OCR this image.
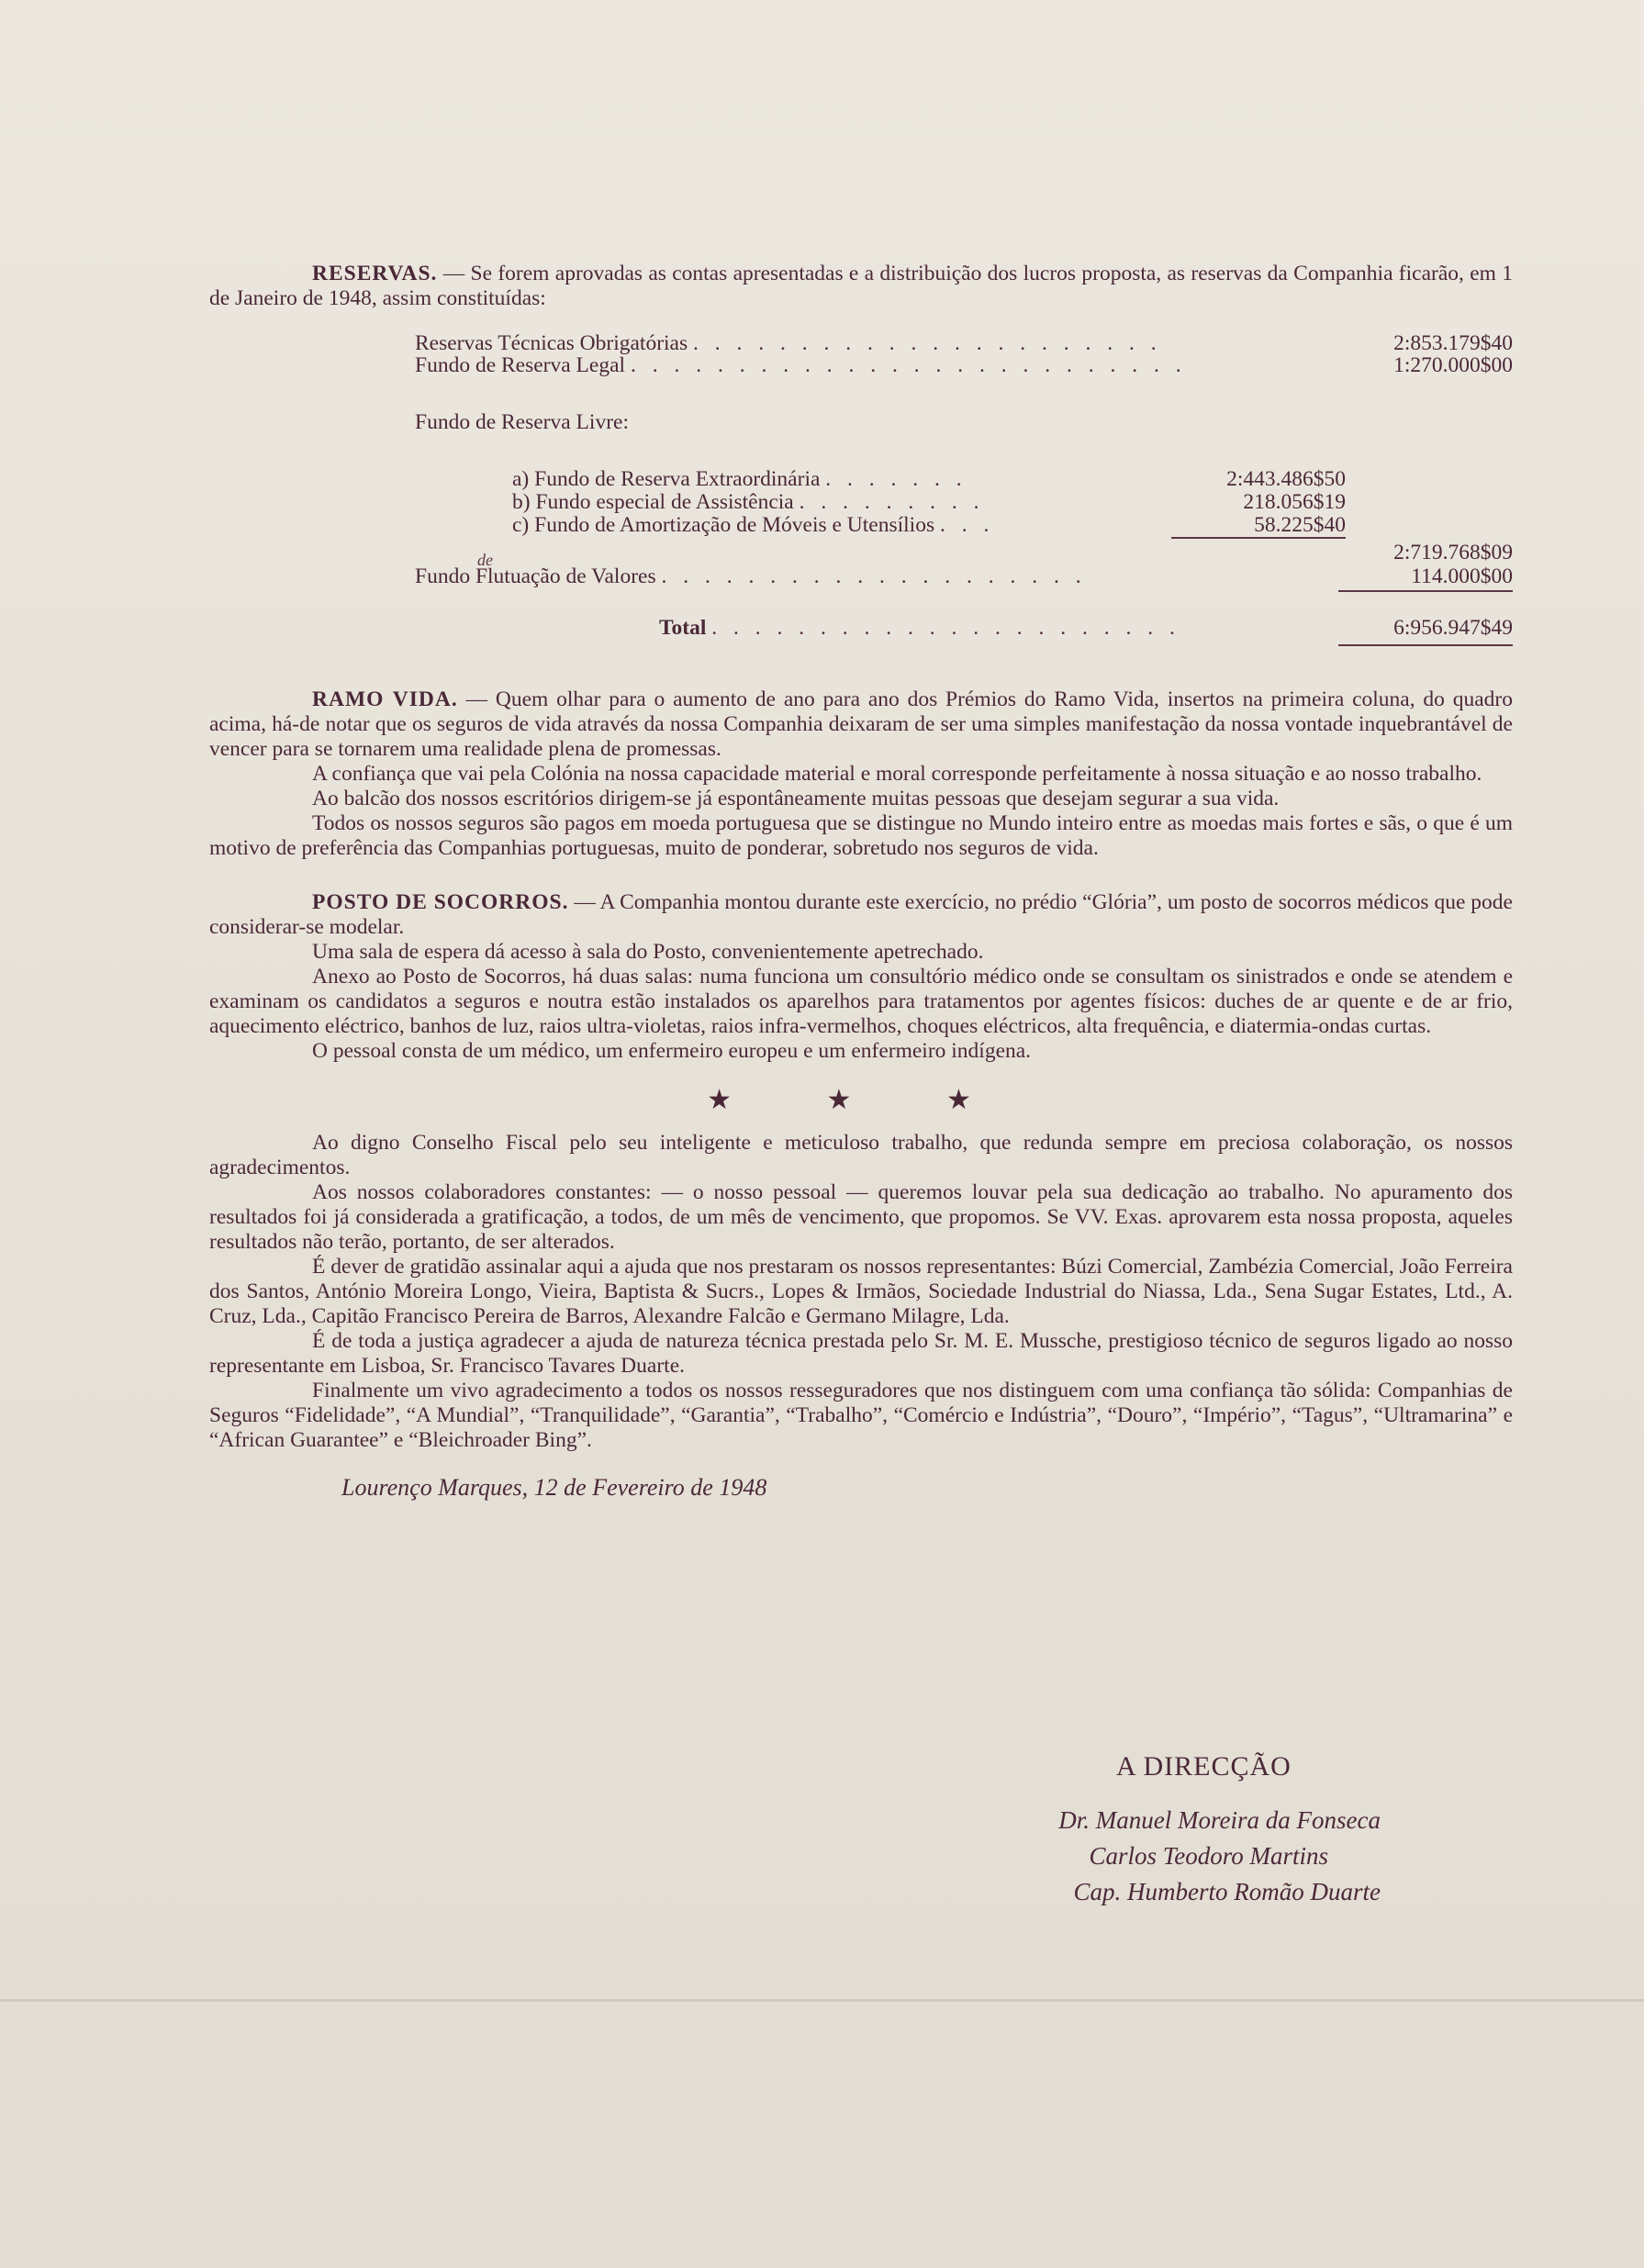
RESERVAS. — Se forem aprovadas as contas apresentadas e a distribuição dos lucros proposta, as reservas da Companhia ficarão, em 1 de Janeiro de 1948, assim constituídas:

Reservas Técnicas Obrigatórias . . . . . . . . . . . . . . . . . . . . . .	2:853.179$40
Fundo de Reserva Legal . . . . . . . . . . . . . . . . . . . . . . . . . .	1:270.000$00
Fundo de Reserva Livre:
a) Fundo de Reserva Extraordinária . . . . . . .	2:443.486$50
b) Fundo especial de Assistência . . . . . . . . .	218.056$19
c) Fundo de Amortização de Móveis e Utensílios . . .	58.225$40
2:719.768$09
de
Fundo Flutuação de Valores . . . . . . . . . . . . . . . . . . . .	114.000$00
Total . . . . . . . . . . . . . . . . . . . . . .	6:956.947$49

RAMO VIDA. — Quem olhar para o aumento de ano para ano dos Prémios do Ramo Vida, insertos na primeira coluna, do quadro acima, há-de notar que os seguros de vida através da nossa Companhia deixaram de ser uma simples manifestação da nossa vontade inquebrantável de vencer para se tornarem uma realidade plena de promessas.

A confiança que vai pela Colónia na nossa capacidade material e moral corresponde perfeitamente à nossa situação e ao nosso trabalho.

Ao balcão dos nossos escritórios dirigem-se já espontâneamente muitas pessoas que desejam segurar a sua vida.

Todos os nossos seguros são pagos em moeda portuguesa que se distingue no Mundo inteiro entre as moedas mais fortes e sãs, o que é um motivo de preferência das Companhias portuguesas, muito de ponderar, sobretudo nos seguros de vida.

POSTO DE SOCORROS. — A Companhia montou durante este exercício, no prédio “Glória”, um posto de socorros médicos que pode considerar-se modelar.

Uma sala de espera dá acesso à sala do Posto, convenientemente apetrechado.

Anexo ao Posto de Socorros, há duas salas: numa funciona um consultório médico onde se consultam os sinistrados e onde se atendem e examinam os candidatos a seguros e noutra estão instalados os aparelhos para tratamentos por agentes físicos: duches de ar quente e de ar frio, aquecimento eléctrico, banhos de luz, raios ultra-violetas, raios infra-vermelhos, choques eléctricos, alta frequência, e diatermia-ondas curtas.

O pessoal consta de um médico, um enfermeiro europeu e um enfermeiro indígena.

★ ★ ★

Ao digno Conselho Fiscal pelo seu inteligente e meticuloso trabalho, que redunda sempre em preciosa colaboração, os nossos agradecimentos.

Aos nossos colaboradores constantes: — o nosso pessoal — queremos louvar pela sua dedicação ao trabalho. No apuramento dos resultados foi já considerada a gratificação, a todos, de um mês de vencimento, que propomos. Se VV. Exas. aprovarem esta nossa proposta, aqueles resultados não terão, portanto, de ser alterados.

É dever de gratidão assinalar aqui a ajuda que nos prestaram os nossos representantes: Búzi Comercial, Zambézia Comercial, João Ferreira dos Santos, António Moreira Longo, Vieira, Baptista & Sucrs., Lopes & Irmãos, Sociedade Industrial do Niassa, Lda., Sena Sugar Estates, Ltd., A. Cruz, Lda., Capitão Francisco Pereira de Barros, Alexandre Falcão e Germano Milagre, Lda.

É de toda a justiça agradecer a ajuda de natureza técnica prestada pelo Sr. M. E. Mussche, prestigioso técnico de seguros ligado ao nosso representante em Lisboa, Sr. Francisco Tavares Duarte.

Finalmente um vivo agradecimento a todos os nossos resseguradores que nos distinguem com uma confiança tão sólida: Companhias de Seguros “Fidelidade”, “A Mundial”, “Tranquilidade”, “Garantia”, “Trabalho”, “Comércio e Indústria”, “Douro”, “Império”, “Tagus”, “Ultramarina” e “African Guarantee” e “Bleichroader Bing”.

Lourenço Marques, 12 de Fevereiro de 1948
A DIRECÇÃO
Dr. Manuel Moreira da Fonseca
Carlos Teodoro Martins
Cap. Humberto Romão Duarte
